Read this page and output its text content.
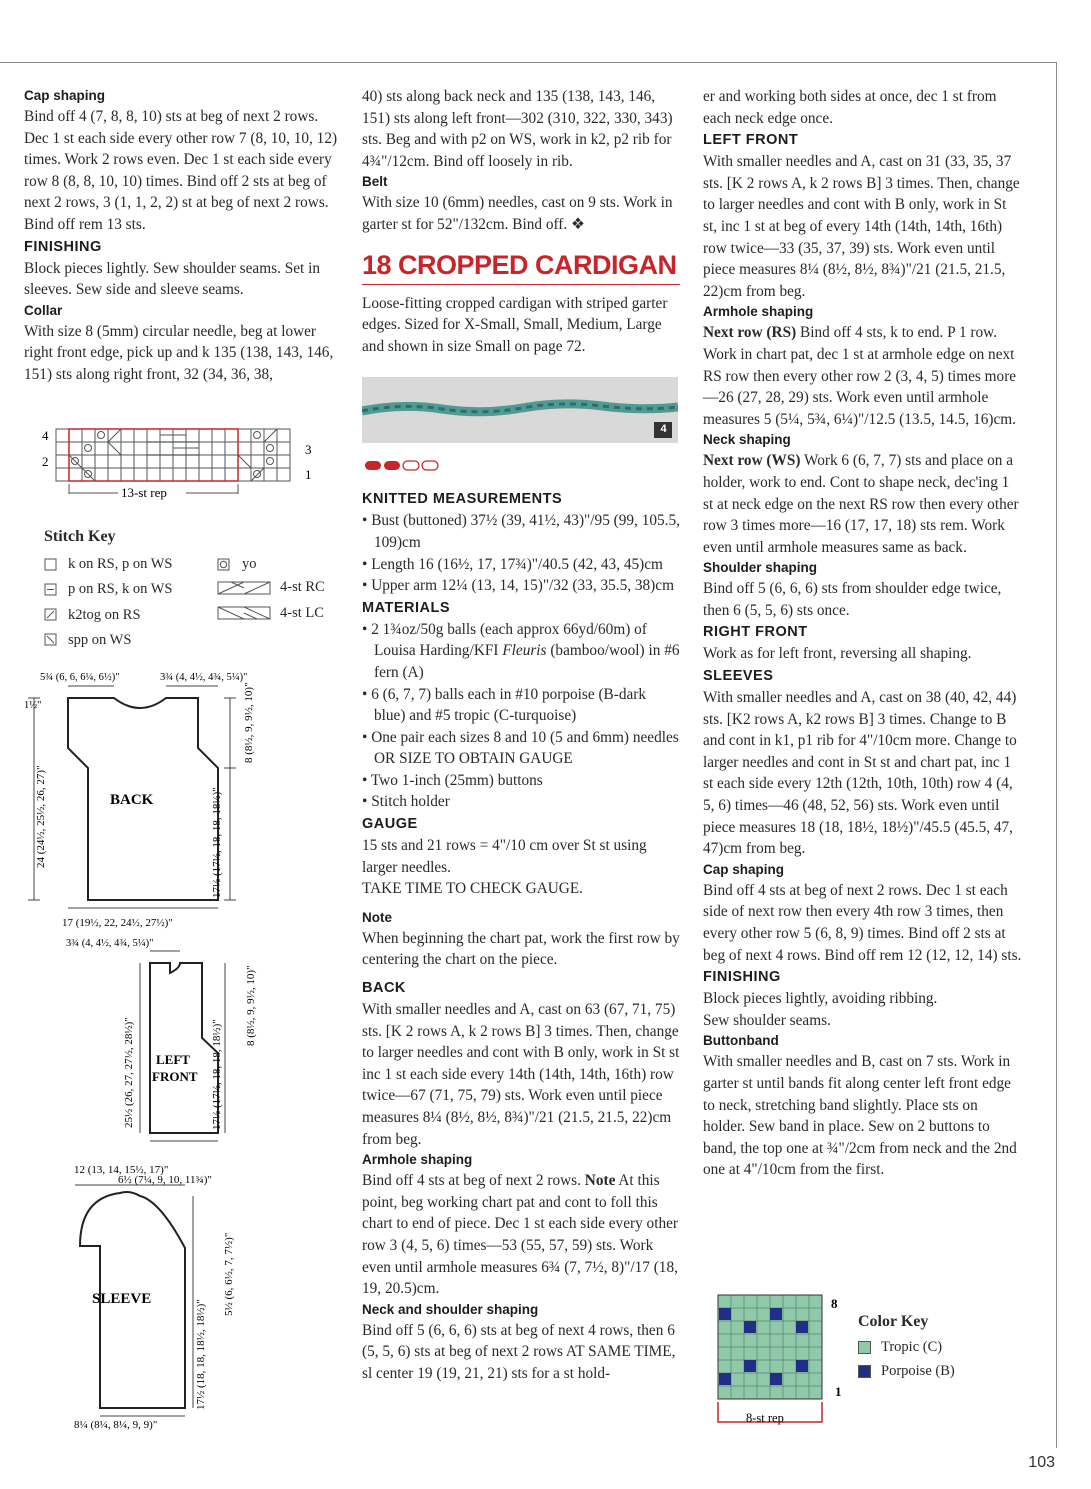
Cap shaping

Bind off 4 (7, 8, 8, 10) sts at beg of next 2 rows. Dec 1 st each side every other row 7 (8, 10, 10, 12) times. Work 2 rows even. Dec 1 st each side every row 8 (8, 8, 10, 10) times. Bind off 2 sts at beg of next 2 rows, 3 (1, 1, 2, 2) st at beg of next 2 rows. Bind off rem 13 sts.

FINISHING

Block pieces lightly. Sew shoulder seams. Set in sleeves. Sew side and sleeve seams.

Collar

With size 8 (5mm) circular needle, beg at lower right front edge, pick up and k 135 (138, 143, 146, 151) sts along right front, 32 (34, 36, 38,

4
2
3
1
13-st rep
Stitch Key
k on RS, p on WS
p on RS, k on WS
k2tog on RS
spp on WS
yo
4-st RC
4-st LC
BACK
5¾ (6, 6, 6¼, 6½)"	3¾ (4, 4½, 4¾, 5¼)"
1½"
24 (24½, 25½, 26, 27)"
8 (8½, 9, 9½, 10)"
17½ (17½, 18, 18, 18½)"
17 (19½, 22, 24½, 27½)"
LEFT
FRONT
3¾ (4, 4½, 4¾, 5¼)"
25½ (26, 27, 27½, 28½)"
8 (8½, 9, 9½, 10)"
17½ (17½, 18, 18, 18½)"
6½ (7¼, 9, 10, 11¾)"
SLEEVE
12 (13, 14, 15½, 17)"
5½ (6, 6½, 7, 7½)"
17½ (18, 18, 18½, 18½)"
8¼ (8¼, 8¼, 9, 9)"

40) sts along back neck and 135 (138, 143, 146, 151) sts along left front—302 (310, 322, 330, 343) sts. Beg and with p2 on WS, work in k2, p2 rib for 4¾"/12cm. Bind off loosely in rib.

Belt

With size 10 (6mm) needles, cast on 9 sts. Work in garter st for 52"/132cm. Bind off. ❖

18 CROPPED CARDIGAN

Loose-fitting cropped cardigan with striped garter edges. Sized for X-Small, Small, Medium, Large and shown in size Small on page 72.

KNITTED MEASUREMENTS

• Bust (buttoned) 37½ (39, 41½, 43)"/95 (99, 105.5, 109)cm

• Length 16 (16½, 17, 17¾)"/40.5 (42, 43, 45)cm

• Upper arm 12¼ (13, 14, 15)"/32 (33, 35.5, 38)cm

MATERIALS

• 2 1¾oz/50g balls (each approx 66yd/60m) of Louisa Harding/KFI Fleuris (bamboo/wool) in #6 fern (A)

• 6 (6, 7, 7) balls each in #10 porpoise (B-dark blue) and #5 tropic (C-turquoise)

• One pair each sizes 8 and 10 (5 and 6mm) needles OR SIZE TO OBTAIN GAUGE

• Two 1-inch (25mm) buttons

• Stitch holder

GAUGE

15 sts and 21 rows = 4"/10 cm over St st using larger needles.

TAKE TIME TO CHECK GAUGE.

Note

When beginning the chart pat, work the first row by centering the chart on the piece.

BACK

With smaller needles and A, cast on 63 (67, 71, 75) sts. [K 2 rows A, k 2 rows B] 3 times. Then, change to larger needles and cont with B only, work in St st inc 1 st each side every 14th (14th, 14th, 16th) row twice—67 (71, 75, 79) sts. Work even until piece measures 8¼ (8½, 8½, 8¾)"/21 (21.5, 21.5, 22)cm from beg.

Armhole shaping

Bind off 4 sts at beg of next 2 rows. Note At this point, beg working chart pat and cont to foll this chart to end of piece. Dec 1 st each side every other row 3 (4, 5, 6) times—53 (55, 57, 59) sts. Work even until armhole measures 6¾ (7, 7½, 8)"/17 (18, 19, 20.5)cm.

Neck and shoulder shaping

Bind off 5 (6, 6, 6) sts at beg of next 4 rows, then 6 (5, 5, 6) sts at beg of next 2 rows AT SAME TIME, sl center 19 (19, 21, 21) sts for a st hold-

4

er and working both sides at once, dec 1 st from each neck edge once.

LEFT FRONT

With smaller needles and A, cast on 31 (33, 35, 37 sts. [K 2 rows A, k 2 rows B] 3 times. Then, change to larger needles and cont with B only, work in St st, inc 1 st at beg of every 14th (14th, 14th, 16th) row twice—33 (35, 37, 39) sts. Work even until piece measures 8¼ (8½, 8½, 8¾)"/21 (21.5, 21.5, 22)cm from beg.

Armhole shaping

Next row (RS) Bind off 4 sts, k to end. P 1 row. Work in chart pat, dec 1 st at armhole edge on next RS row then every other row 2 (3, 4, 5) times more—26 (27, 28, 29) sts. Work even until armhole measures 5 (5¼, 5¾, 6¼)"/12.5 (13.5, 14.5, 16)cm.

Neck shaping

Next row (WS) Work 6 (6, 7, 7) sts and place on a holder, work to end. Cont to shape neck, dec'ing 1 st at neck edge on the next RS row then every other row 3 times more—16 (17, 17, 18) sts rem. Work even until armhole measures same as back.

Shoulder shaping

Bind off 5 (6, 6, 6) sts from shoulder edge twice, then 6 (5, 5, 6) sts once.

RIGHT FRONT

Work as for left front, reversing all shaping.

SLEEVES

With smaller needles and A, cast on 38 (40, 42, 44) sts. [K2 rows A, k2 rows B] 3 times. Change to B and cont in k1, p1 rib for 4"/10cm more. Change to larger needles and cont in St st and chart pat, inc 1 st each side every 12th (12th, 10th, 10th) row 4 (4, 5, 6) times—46 (48, 52, 56) sts. Work even until piece measures 18 (18, 18½, 18½)"/45.5 (45.5, 47, 47)cm from beg.

Cap shaping

Bind off 4 sts at beg of next 2 rows. Dec 1 st each side of next row then every 4th row 3 times, then every other row 5 (6, 8, 9) times. Bind off 2 sts at beg of next 4 rows. Bind off rem 12 (12, 12, 14) sts.

FINISHING

Block pieces lightly, avoiding ribbing.

Sew shoulder seams.

Buttonband

With smaller needles and B, cast on 7 sts. Work in garter st until bands fit along center left front edge to neck, stretching band slightly. Place sts on holder. Sew band in place. Sew on 2 buttons to band, the top one at ¾"/2cm from neck and the 2nd one at 4"/10cm from the first.

8
1
8-st rep
Color Key
Tropic (C)
Porpoise (B)
103
